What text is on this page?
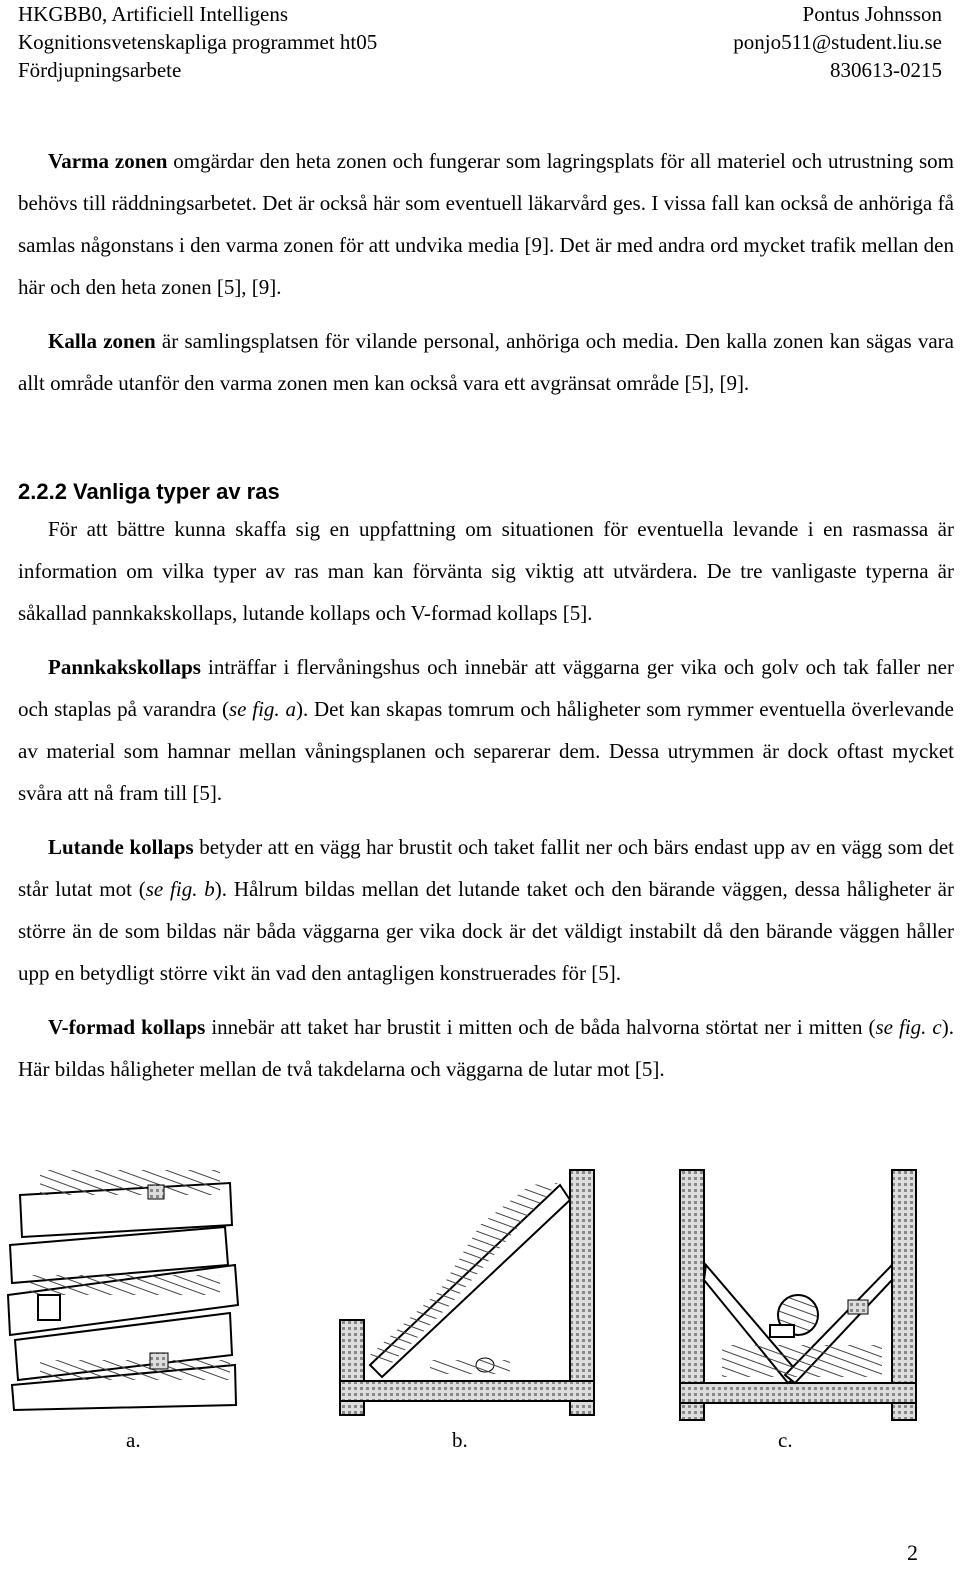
HKGBB0, Artificiell Intelligens
Kognitionsvetenskapliga programmet ht05
Fördjupningsarbete
Pontus Johnsson
ponjo511@student.liu.se
830613-0215

Varma zonen omgärdar den heta zonen och fungerar som lagringsplats för all materiel och utrustning som behövs till räddningsarbetet. Det är också här som eventuell läkarvård ges. I vissa fall kan också de anhöriga få samlas någonstans i den varma zonen för att undvika media [9]. Det är med andra ord mycket trafik mellan den här och den heta zonen [5], [9].

Kalla zonen är samlingsplatsen för vilande personal, anhöriga och media. Den kalla zonen kan sägas vara allt område utanför den varma zonen men kan också vara ett avgränsat område [5], [9].

2.2.2 Vanliga typer av ras

För att bättre kunna skaffa sig en uppfattning om situationen för eventuella levande i en rasmassa är information om vilka typer av ras man kan förvänta sig viktig att utvärdera. De tre vanligaste typerna är såkallad pannkakskollaps, lutande kollaps och V-formad kollaps [5].

Pannkakskollaps inträffar i flervåningshus och innebär att väggarna ger vika och golv och tak faller ner och staplas på varandra (se fig. a). Det kan skapas tomrum och håligheter som rymmer eventuella överlevande av material som hamnar mellan våningsplanen och separerar dem. Dessa utrymmen är dock oftast mycket svåra att nå fram till [5].

Lutande kollaps betyder att en vägg har brustit och taket fallit ner och bärs endast upp av en vägg som det står lutat mot (se fig. b). Hålrum bildas mellan det lutande taket och den bärande väggen, dessa håligheter är större än de som bildas när båda väggarna ger vika dock är det väldigt instabilt då den bärande väggen håller upp en betydligt större vikt än vad den antagligen konstruerades för [5].

V-formad kollaps innebär att taket har brustit i mitten och de båda halvorna störtat ner i mitten (se fig. c). Här bildas håligheter mellan de två takdelarna och väggarna de lutar mot [5].

a.	b.	c.
2
